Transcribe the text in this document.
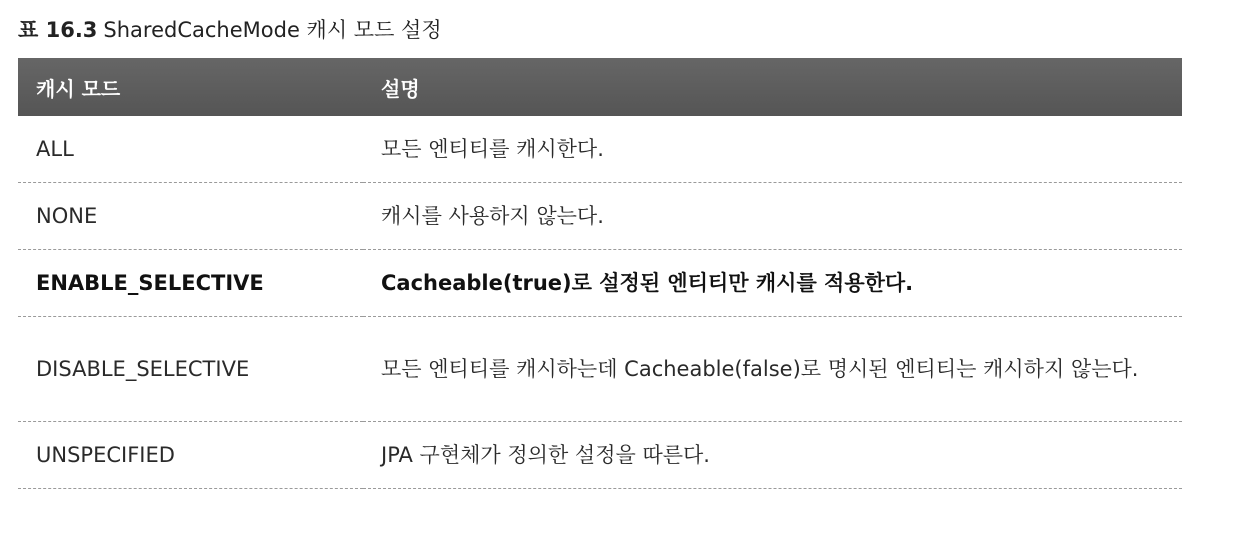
표 16.3 SharedCacheMode 캐시 모드 설정
캐시 모드	설명
ALL	모든 엔티티를 캐시한다.
NONE	캐시를 사용하지 않는다.
ENABLE_SELECTIVE	Cacheable(true)로 설정된 엔티티만 캐시를 적용한다.
DISABLE_SELECTIVE	모든 엔티티를 캐시하는데 Cacheable(false)로 명시된 엔티티는 캐시하지 않는다.
UNSPECIFIED	JPA 구현체가 정의한 설정을 따른다.
